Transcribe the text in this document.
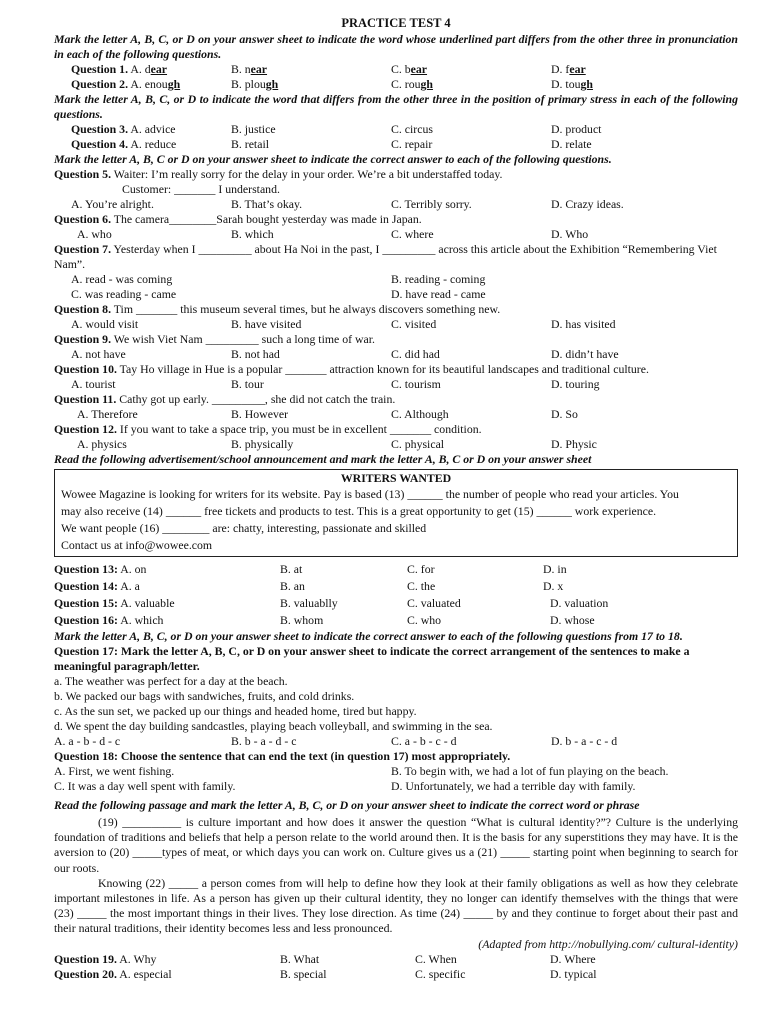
PRACTICE TEST 4
Mark the letter A, B, C, or D on your answer sheet to indicate the word whose underlined part differs from the other three in pronunciation in each of the following questions.
Question 1. A. dear	B. near	C. bear	D. fear
Question 2. A. enough	B. plough	C. rough	D. tough
Mark the letter A, B, C, or D to indicate the word that differs from the other three in the position of primary stress in each of the following questions.
Question 3. A. advice	B. justice	C. circus	D. product
Question 4. A. reduce	B. retail	C. repair	D. relate
Mark the letter A, B, C or D on your answer sheet to indicate the correct answer to each of the following questions.
Question 5. Waiter: I’m really sorry for the delay in your order. We’re a bit understaffed today.
Customer: _______ I understand.
A. You’re alright.	B. That’s okay.	C. Terribly sorry.	D. Crazy ideas.
Question 6. The camera________Sarah bought yesterday was made in Japan.
A. who	B. which	C. where	D. Who
Question 7. Yesterday when I _________ about Ha Noi in the past, I _________ across this article about the Exhibition “Remembering Viet Nam”.
A. read - was coming	B. reading - coming
C. was reading - came	D. have read - came
Question 8. Tim _______ this museum several times, but he always discovers something new.
A. would visit	B. have visited	C. visited	D. has visited
Question 9. We wish Viet Nam _________ such a long time of war.
A. not have	B. not had	C. did had	D. didn’t have
Question 10. Tay Ho village in Hue is a popular _______ attraction known for its beautiful landscapes and traditional culture.
A. tourist	B. tour	C. tourism	D. touring
Question 11. Cathy got up early. _________, she did not catch the train.
A. Therefore	B. However	C. Although	D. So
Question 12. If you want to take a space trip, you must be in excellent _______ condition.
A. physics	B. physically	C. physical	D. Physic
Read the following advertisement/school announcement and mark the letter A, B, C or D on your answer sheet
WRITERS WANTED
Wowee Magazine is looking for writers for its website. Pay is based (13) ______ the number of people who read your articles. You
may also receive (14) ______ free tickets and products to test. This is a great opportunity to get (15) ______ work experience.
We want people (16) ________ are: chatty, interesting, passionate and skilled
Contact us at info@wowee.com
Question 13: A. on	B. at	C. for	D. in
Question 14: A. a	B. an	C. the	D. x
Question 15: A. valuable	B. valuablly	C. valuated	D. valuation
Question 16: A. which	B. whom	C. who	D. whose
Mark the letter A, B, C, or D on your answer sheet to indicate the correct answer to each of the following questions from 17 to 18.
Question 17: Mark the letter A, B, C, or D on your answer sheet to indicate the correct arrangement of the sentences to make a meaningful paragraph/letter.
a. The weather was perfect for a day at the beach.
b. We packed our bags with sandwiches, fruits, and cold drinks.
c. As the sun set, we packed up our things and headed home, tired but happy.
d. We spent the day building sandcastles, playing beach volleyball, and swimming in the sea.
A. a - b - d - c	B. b - a - d - c	C. a - b - c - d	D. b - a - c - d
Question 18: Choose the sentence that can end the text (in question 17) most appropriately.
A. First, we went fishing.	B. To begin with, we had a lot of fun playing on the beach.
C. It was a day well spent with family.	D. Unfortunately, we had a terrible day with family.
Read the following passage and mark the letter A, B, C, or D on your answer sheet to indicate the correct word or phrase
(19) __________ is culture important and how does it answer the question “What is cultural identity?”? Culture is the underlying foundation of traditions and beliefs that help a person relate to the world around then. It is the basis for any superstitions they may have. It is the aversion to (20) _____types of meat, or which days you can work on. Culture gives us a (21) _____ starting point when beginning to search for our roots.
Knowing (22) _____ a person comes from will help to define how they look at their family obligations as well as how they celebrate important milestones in life. As a person has given up their cultural identity, they no longer can identify themselves with the things that were (23) _____ the most important things in their lives. They lose direction. As time (24) _____ by and they continue to forget about their past and their natural traditions, their identity becomes less and less pronounced.
(Adapted from http://nobullying.com/ cultural-identity)
Question 19. A. Why	B. What	C. When	D. Where
Question 20. A. especial	B. special	C. specific	D. typical
